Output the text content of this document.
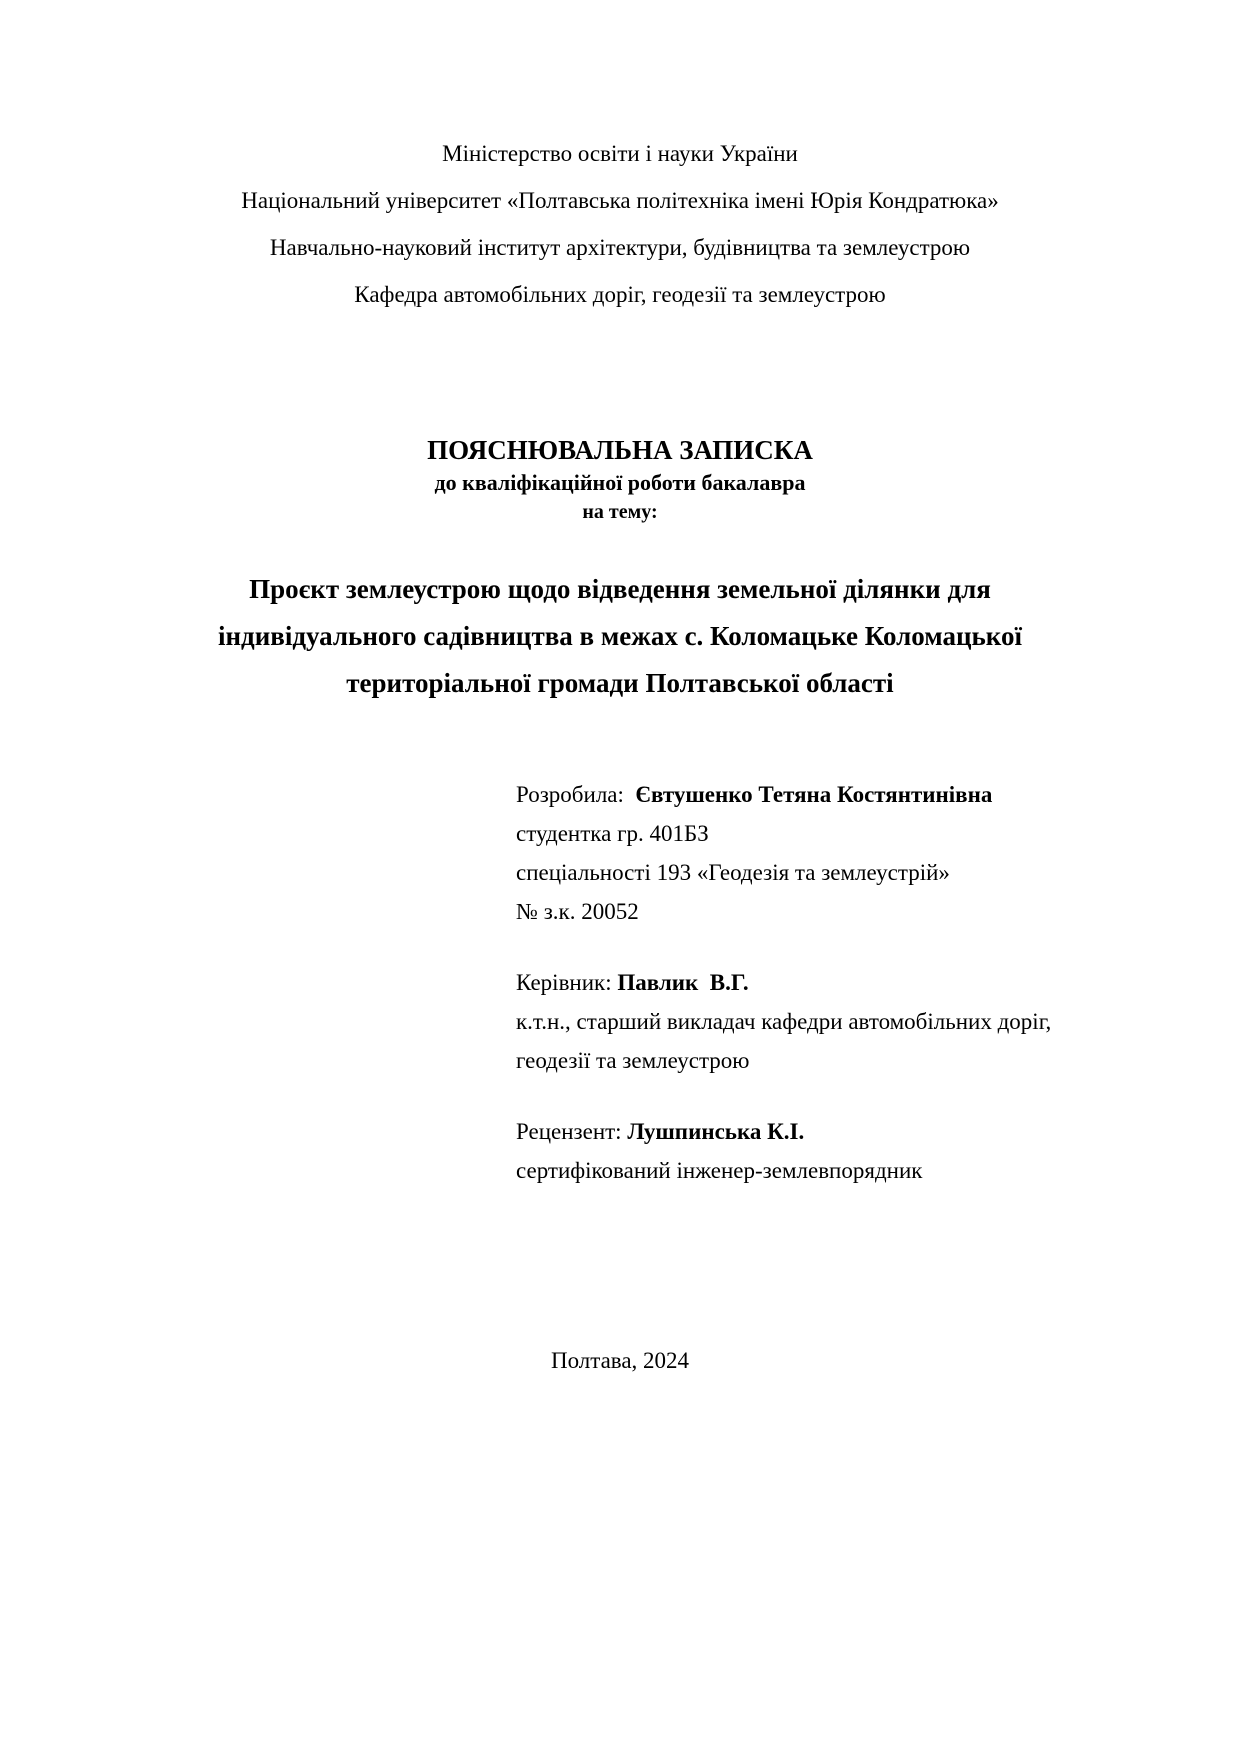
Міністерство освіти і науки України
Національний університет «Полтавська політехніка імені Юрія Кондратюка»
Навчально-науковий інститут архітектури, будівництва та землеустрою
Кафедра автомобільних доріг, геодезії та землеустрою
ПОЯСНЮВАЛЬНА ЗАПИСКА
до кваліфікаційної роботи бакалавра
на тему:
Проєкт землеустрою щодо відведення земельної ділянки для індивідуального садівництва в межах с. Коломацьке Коломацької територіальної громади Полтавської області
Розробила:  Євтушенко Тетяна Костянтинівна
студентка гр. 401БЗ
спеціальності 193 «Геодезія та землеустрій»
№ з.к. 20052
Керівник: Павлик  В.Г.
к.т.н., старший викладач кафедри автомобільних доріг, геодезії та землеустрою
Рецензент: Лушпинська К.І.
сертифікований інженер-землевпорядник
Полтава, 2024
